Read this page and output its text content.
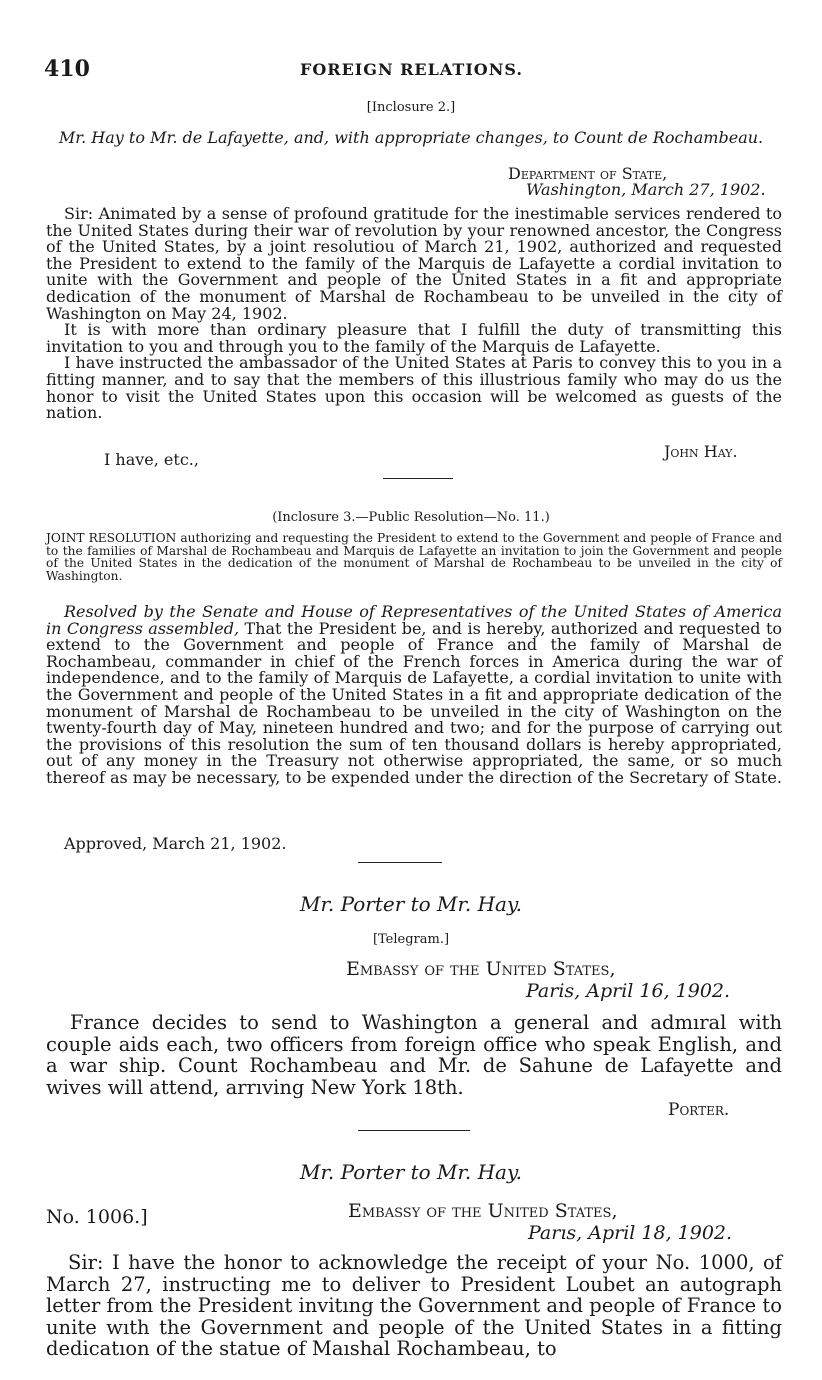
410	FOREIGN RELATIONS.
[Inclosure 2.]
Mr. Hay to Mr. de Lafayette, and, with appropriate changes, to Count de Rochambeau.
Department of State,
Washington, March 27, 1902.

Sir: Animated by a sense of profound gratitude for the inestimable services rendered to the United States during their war of revolution by your renowned ancestor, the Congress of the United States, by a joint resolutiou of March 21, 1902, authorized and requested the President to extend to the family of the Marquis de Lafayette a cordial invitation to unite with the Government and people of the United States in a fit and appropriate dedication of the monument of Marshal de Rochambeau to be unveiled in the city of Washington on May 24, 1902.

It is with more than ordinary pleasure that I fulfill the duty of transmitting this invitation to you and through you to the family of the Marquis de Lafayette.

I have instructed the ambassador of the United States at Paris to convey this to you in a fitting manner, and to say that the members of this illustrious family who may do us the honor to visit the United States upon this occasion will be welcomed as guests of the nation.

I have, etc.,	John Hay.
(Inclosure 3.—Public Resolution—No. 11.)
JOINT RESOLUTION authorizing and requesting the President to extend to the Government and people of France and to the families of Marshal de Rochambeau and Marquis de Lafayette an invitation to join the Government and people of the United States in the dedication of the monument of Marshal de Rochambeau to be unveiled in the city of Washington.

Resolved by the Senate and House of Representatives of the United States of America in Congress assembled, That the President be, and is hereby, authorized and requested to extend to the Government and people of France and the family of Marshal de Rochambeau, commander in chief of the French forces in America during the war of independence, and to the family of Marquis de Lafayette, a cordial invitation to unite with the Government and people of the United States in a fit and appropriate dedication of the monument of Marshal de Rochambeau to be unveiled in the city of Washington on the twenty-fourth day of May, nineteen hundred and two; and for the purpose of carrying out the provisions of this resolution the sum of ten thousand dollars is hereby appropriated, out of any money in the Treasury not otherwise appropriated, the same, or so much thereof as may be necessary, to be expended under the direction of the Secretary of State.

Approved, March 21, 1902.
Mr. Porter to Mr. Hay.
[Telegram.]
Embassy of the United States,
Paris, April 16, 1902.

France decides to send to Washington a general and admıral with couple aids each, two officers from foreign office who speak English, and a war ship. Count Rochambeau and Mr. de Sahune de Lafayette and wives will attend, arrıving New York 18th.

Porter.
Mr. Porter to Mr. Hay.
No. 1006.]	Embassy of the United States,
Parıs, April 18, 1902.

Sir: I have the honor to acknowledge the receipt of your No. 1000, of March 27, instructing me to deliver to President Loubet an autograph letter from the President invitıng the Government and people of France to unite wıth the Government and people of the United States in a fitting dedicatıon of the statue of Maıshal Rochambeau, to
